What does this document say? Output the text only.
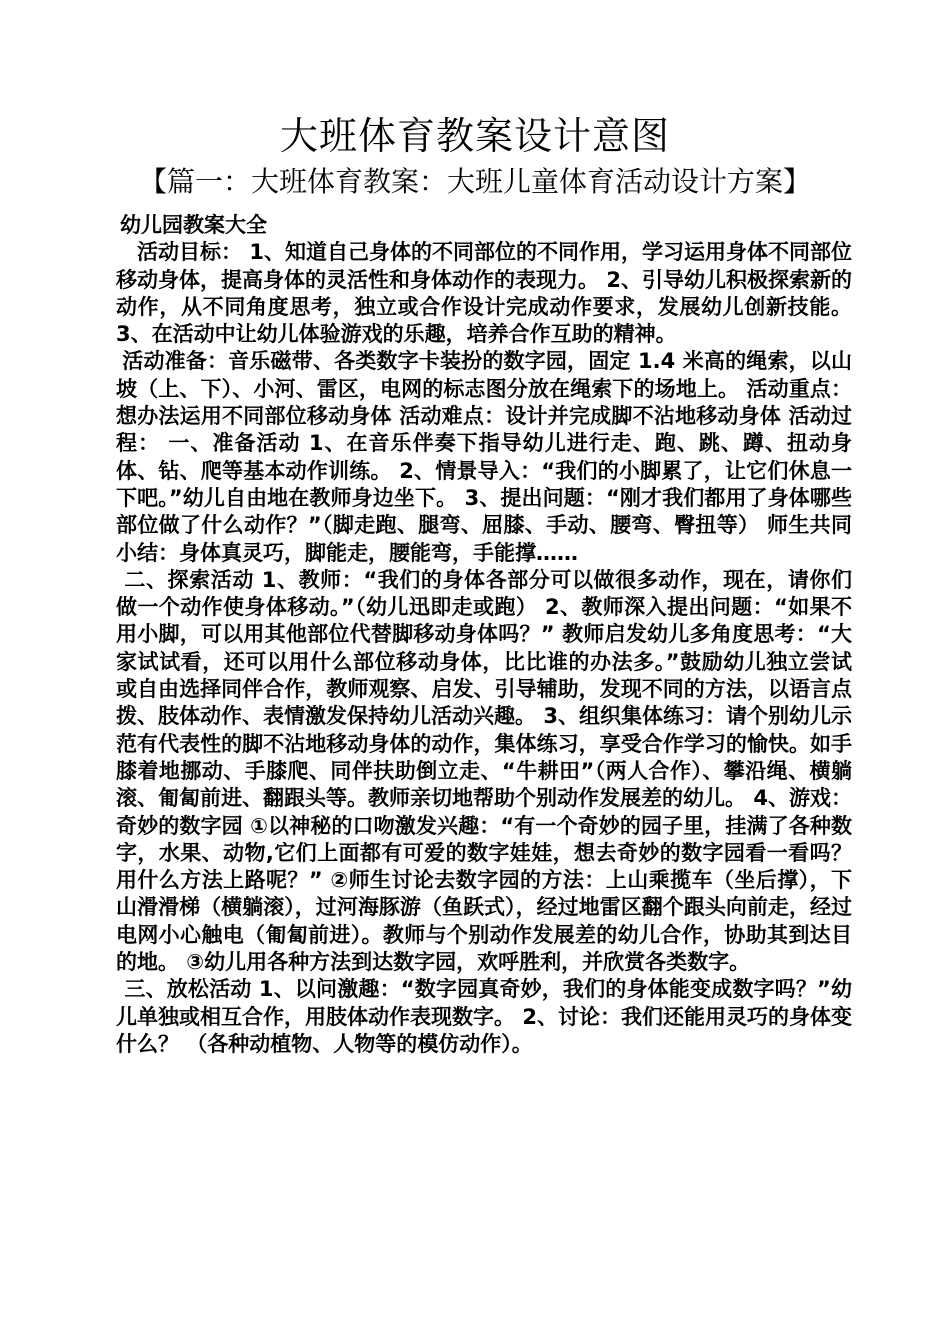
大班体育教案设计意图
【篇一：大班体育教案：大班儿童体育活动设计方案】

幼儿园教案大全

活动目标： 1、知道自己身体的不同部位的不同作用，学习运用身体不同部位移动身体，提高身体的灵活性和身体动作的表现力。 2、引导幼儿积极探索新的动作，从不同角度思考，独立或合作设计完成动作要求，发展幼儿创新技能。 3、在活动中让幼儿体验游戏的乐趣，培养合作互助的精神。

活动准备：音乐磁带、各类数字卡装扮的数字园，固定 1.4 米高的绳索，以山坡（上、下）、小河、雷区，电网的标志图分放在绳索下的场地上。 活动重点：想办法运用不同部位移动身体 活动难点：设计并完成脚不沾地移动身体 活动过程： 一、准备活动 1、在音乐伴奏下指导幼儿进行走、跑、跳、蹲、扭动身体、钻、爬等基本动作训练。 2、情景导入：“我们的小脚累了，让它们休息一下吧。”幼儿自由地在教师身边坐下。 3、提出问题：“刚才我们都用了身体哪些部位做了什么动作？”（脚走跑、腿弯、屈膝、手动、腰弯、臀扭等） 师生共同小结：身体真灵巧，脚能走，腰能弯，手能撑……

二、探索活动 1、教师：“我们的身体各部分可以做很多动作，现在，请你们做一个动作使身体移动。”（幼儿迅即走或跑） 2、教师深入提出问题：“如果不用小脚，可以用其他部位代替脚移动身体吗？” 教师启发幼儿多角度思考：“大家试试看，还可以用什么部位移动身体，比比谁的办法多。”鼓励幼儿独立尝试或自由选择同伴合作，教师观察、启发、引导辅助，发现不同的方法，以语言点拨、肢体动作、表情激发保持幼儿活动兴趣。 3、组织集体练习：请个别幼儿示范有代表性的脚不沾地移动身体的动作，集体练习，享受合作学习的愉快。如手膝着地挪动、手膝爬、同伴扶助倒立走、“牛耕田”（两人合作）、攀沿绳、横躺滚、匍匐前进、翻跟头等。教师亲切地帮助个别动作发展差的幼儿。 4、游戏：奇妙的数字园 ①以神秘的口吻激发兴趣：“有一个奇妙的园子里，挂满了各种数字，水果、动物,它们上面都有可爱的数字娃娃，想去奇妙的数字园看一看吗？用什么方法上路呢？” ②师生讨论去数字园的方法：上山乘揽车（坐后撑），下山滑滑梯（横躺滚），过河海豚游（鱼跃式），经过地雷区翻个跟头向前走，经过电网小心触电（匍匐前进）。教师与个别动作发展差的幼儿合作，协助其到达目的地。 ③幼儿用各种方法到达数字园，欢呼胜利，并欣赏各类数字。

三、放松活动 1、以问激趣：“数字园真奇妙，我们的身体能变成数字吗？”幼儿单独或相互合作，用肢体动作表现数字。 2、讨论：我们还能用灵巧的身体变什么？ （各种动植物、人物等的模仿动作）。
